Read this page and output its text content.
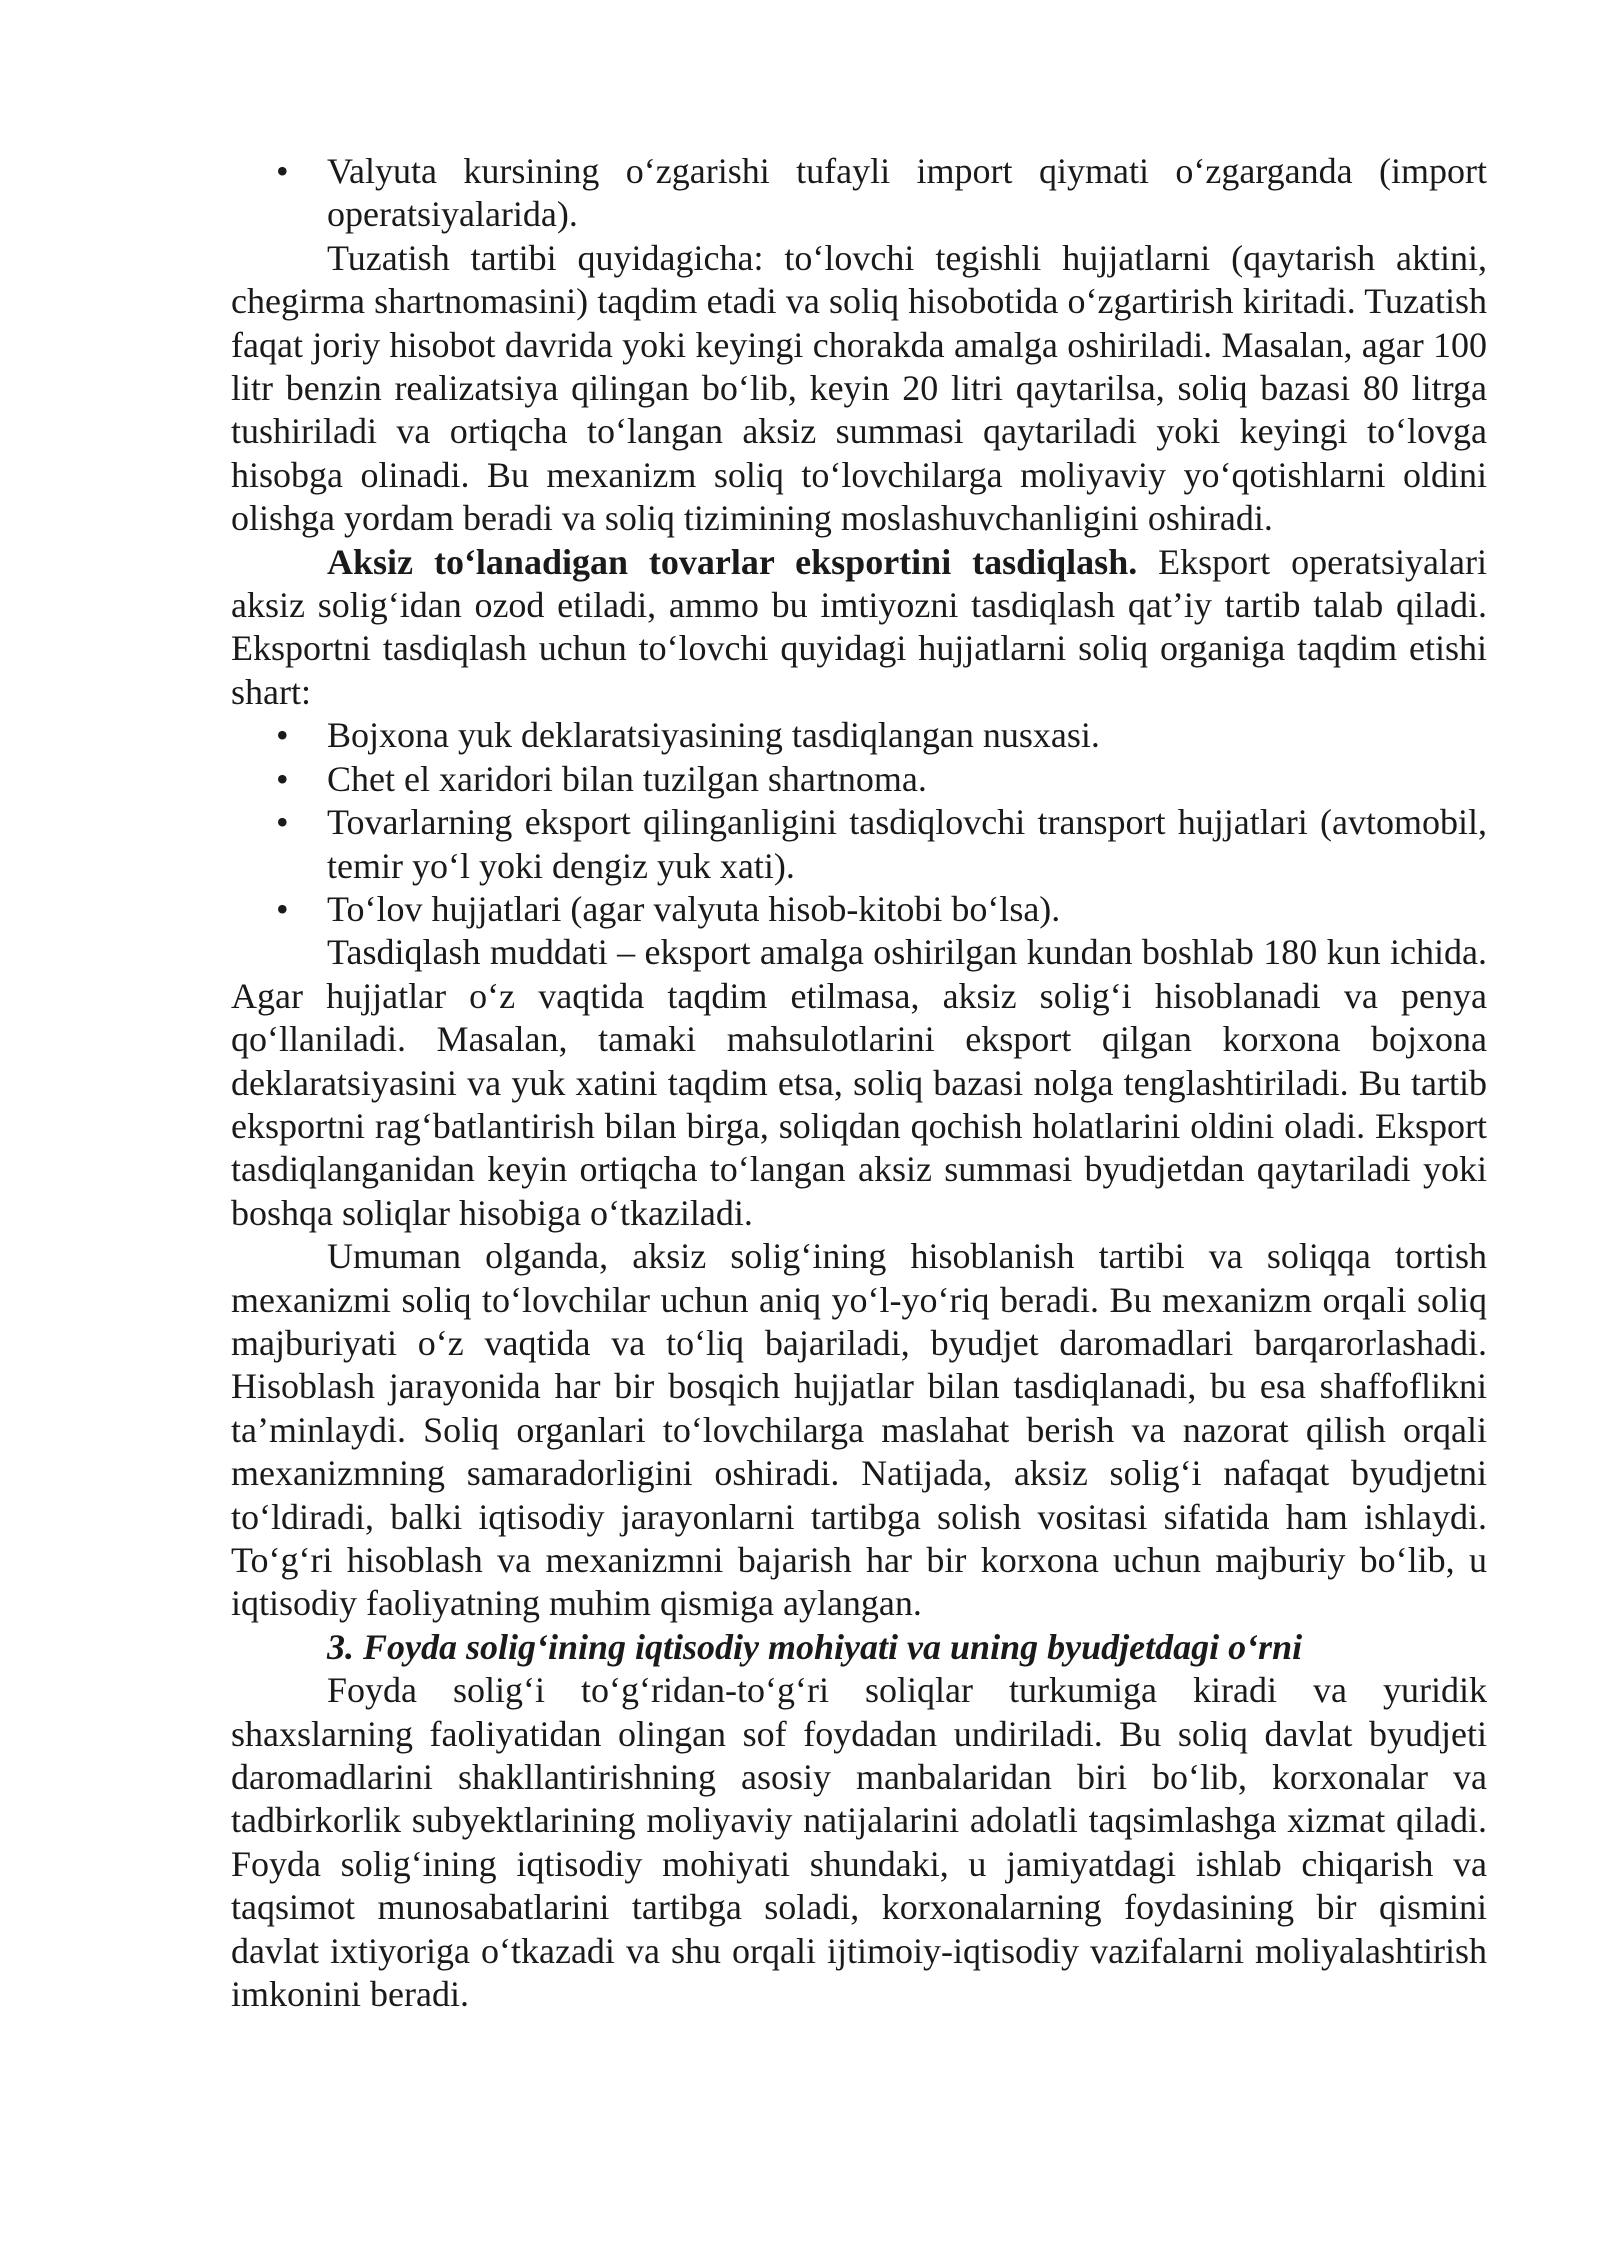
• Valyuta kursining o‘zgarishi tufayli import qiymati o‘zgarganda (import operatsiyalarida).

Tuzatish tartibi quyidagicha: to‘lovchi tegishli hujjatlarni (qaytarish aktini, chegirma shartnomasini) taqdim etadi va soliq hisobotida o‘zgartirish kiritadi. Tuzatish faqat joriy hisobot davrida yoki keyingi chorakda amalga oshiriladi. Masalan, agar 100 litr benzin realizatsiya qilingan bo‘lib, keyin 20 litri qaytarilsa, soliq bazasi 80 litrga tushiriladi va ortiqcha to‘langan aksiz summasi qaytariladi yoki keyingi to‘lovga hisobga olinadi. Bu mexanizm soliq to‘lovchilarga moliyaviy yo‘qotishlarni oldini olishga yordam beradi va soliq tizimining moslashuvchanligini oshiradi.

Aksiz to‘lanadigan tovarlar eksportini tasdiqlash. Eksport operatsiyalari aksiz solig‘idan ozod etiladi, ammo bu imtiyozni tasdiqlash qat’iy tartib talab qiladi. Eksportni tasdiqlash uchun to‘lovchi quyidagi hujjatlarni soliq organiga taqdim etishi shart:

• Bojxona yuk deklaratsiyasining tasdiqlangan nusxasi.
• Chet el xaridori bilan tuzilgan shartnoma.
• Tovarlarning eksport qilinganligini tasdiqlovchi transport hujjatlari (avtomobil, temir yo‘l yoki dengiz yuk xati).
• To‘lov hujjatlari (agar valyuta hisob-kitobi bo‘lsa).

Tasdiqlash muddati – eksport amalga oshirilgan kundan boshlab 180 kun ichida. Agar hujjatlar o‘z vaqtida taqdim etilmasa, aksiz solig‘i hisoblanadi va penya qo‘llaniladi. Masalan, tamaki mahsulotlarini eksport qilgan korxona bojxona deklaratsiyasini va yuk xatini taqdim etsa, soliq bazasi nolga tenglashtiriladi. Bu tartib eksportni rag‘batlantirish bilan birga, soliqdan qochish holatlarini oldini oladi. Eksport tasdiqlanganidan keyin ortiqcha to‘langan aksiz summasi byudjetdan qaytariladi yoki boshqa soliqlar hisobiga o‘tkaziladi.

Umuman olganda, aksiz solig‘ining hisoblanish tartibi va soliqqa tortish mexanizmi soliq to‘lovchilar uchun aniq yo‘l-yo‘riq beradi. Bu mexanizm orqali soliq majburiyati o‘z vaqtida va to‘liq bajariladi, byudjet daromadlari barqarorlashadi. Hisoblash jarayonida har bir bosqich hujjatlar bilan tasdiqlanadi, bu esa shaffoflikni ta’minlaydi. Soliq organlari to‘lovchilarga maslahat berish va nazorat qilish orqali mexanizmning samaradorligini oshiradi. Natijada, aksiz solig‘i nafaqat byudjetni to‘ldiradi, balki iqtisodiy jarayonlarni tartibga solish vositasi sifatida ham ishlaydi. To‘g‘ri hisoblash va mexanizmni bajarish har bir korxona uchun majburiy bo‘lib, u iqtisodiy faoliyatning muhim qismiga aylangan.

3. Foyda solig‘ining iqtisodiy mohiyati va uning byudjetdagi o‘rni

Foyda solig‘i to‘g‘ridan-to‘g‘ri soliqlar turkumiga kiradi va yuridik shaxslarning faoliyatidan olingan sof foydadan undiriladi. Bu soliq davlat byudjeti daromadlarini shakllantirishning asosiy manbalaridan biri bo‘lib, korxonalar va tadbirkorlik subyektlarining moliyaviy natijalarini adolatli taqsimlashga xizmat qiladi. Foyda solig‘ining iqtisodiy mohiyati shundaki, u jamiyatdagi ishlab chiqarish va taqsimot munosabatlarini tartibga soladi, korxonalarning foydasining bir qismini davlat ixtiyoriga o‘tkazadi va shu orqali ijtimoiy-iqtisodiy vazifalarni moliyalashtirish imkonini beradi.
